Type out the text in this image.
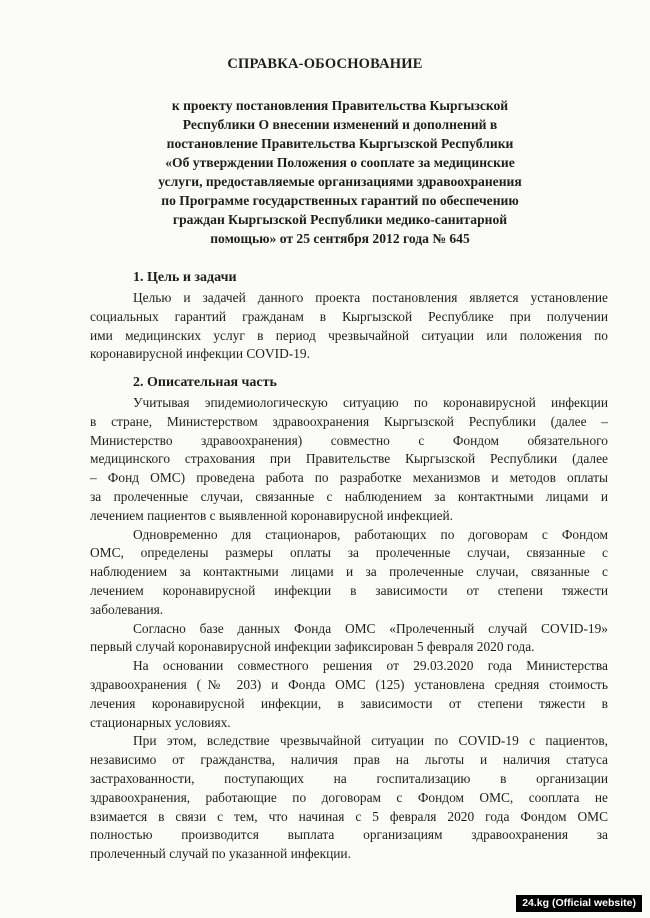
СПРАВКА-ОБОСНОВАНИЕ
к проекту постановления Правительства Кыргызской
Республики О внесении изменений и дополнений в
постановление Правительства Кыргызской Республики
«Об утверждении Положения о сооплате за медицинские
услуги, предоставляемые организациями здравоохранения
по Программе государственных гарантий по обеспечению
граждан Кыргызской Республики медико-санитарной
помощью» от 25 сентября 2012 года № 645
1. Цель и задачи
Целью и задачей данного проекта постановления является установление
социальных гарантий гражданам в Кыргызской Республике при получении
ими медицинских услуг в период чрезвычайной ситуации или положения по
коронавирусной инфекции COVID-19.
2. Описательная часть
Учитывая эпидемиологическую ситуацию по коронавирусной инфекции
в стране, Министерством здравоохранения Кыргызской Республики (далее –
Министерство здравоохранения) совместно с Фондом обязательного
медицинского страхования при Правительстве Кыргызской Республики (далее
– Фонд ОМС) проведена работа по разработке механизмов и методов оплаты
за пролеченные случаи, связанные с наблюдением за контактными лицами и
лечением пациентов с выявленной коронавирусной инфекцией.
Одновременно для стационаров, работающих по договорам с Фондом
ОМС, определены размеры оплаты за пролеченные случаи, связанные с
наблюдением за контактными лицами и за пролеченные случаи, связанные с
лечением коронавирусной инфекции в зависимости от степени тяжести
заболевания.
Согласно базе данных Фонда ОМС «Пролеченный случай COVID-19»
первый случай коронавирусной инфекции зафиксирован 5 февраля 2020 года.
На основании совместного решения от 29.03.2020 года Министерства
здравоохранения (№ 203) и Фонда ОМС (125) установлена средняя стоимость
лечения коронавирусной инфекции, в зависимости от степени тяжести в
стационарных условиях.
При этом, вследствие чрезвычайной ситуации по COVID-19 с пациентов,
независимо от гражданства, наличия прав на льготы и наличия статуса
застрахованности, поступающих на госпитализацию в организации
здравоохранения, работающие по договорам с Фондом ОМС, сооплата не
взимается в связи с тем, что начиная с 5 февраля 2020 года Фондом ОМС
полностью производится выплата организациям здравоохранения за
пролеченный случай по указанной инфекции.
24.kg (Official website)
